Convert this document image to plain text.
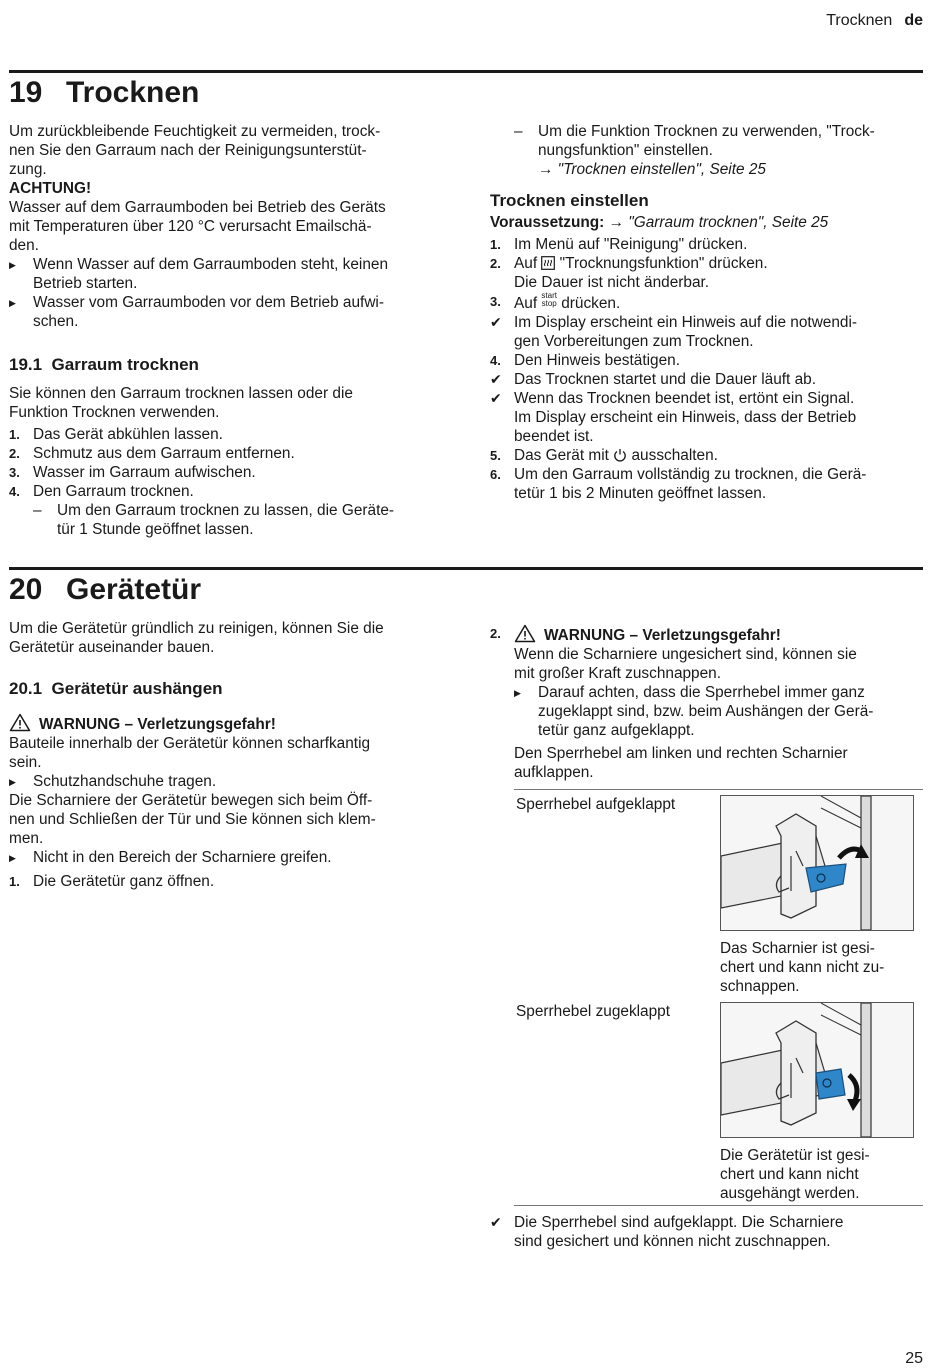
Trocknen de
19 Trocknen

Um zurückbleibende Feuchtigkeit zu vermeiden, trock-
nen Sie den Garraum nach der Reinigungsunterstüt-
zung.

ACHTUNG!

Wasser auf dem Garraumboden bei Betrieb des Geräts
mit Temperaturen über 120 °C verursacht Emailschä-
den.

▶ Wenn Wasser auf dem Garraumboden steht, keinen
Betrieb starten.
▶ Wasser vom Garraumboden vor dem Betrieb aufwi-
schen.
19.1 Garraum trocknen

Sie können den Garraum trocknen lassen oder die
Funktion Trocknen verwenden.

1. Das Gerät abkühlen lassen.
2. Schmutz aus dem Garraum entfernen.
3. Wasser im Garraum aufwischen.
4. Den Garraum trocknen.
– Um den Garraum trocknen zu lassen, die Geräte-
tür 1 Stunde geöffnet lassen.
– Um die Funktion Trocknen zu verwenden, "Trock-
nungsfunktion" einstellen.
→ "Trocknen einstellen", Seite 25
Trocknen einstellen

Voraussetzung: → "Garraum trocknen", Seite 25

1. Im Menü auf "Reinigung" drücken.
2. Auf "Trocknungsfunktion" drücken.
Die Dauer ist nicht änderbar.
3. Auf start
stop drücken.
✔ Im Display erscheint ein Hinweis auf die notwendi-
gen Vorbereitungen zum Trocknen.
4. Den Hinweis bestätigen.
✔ Das Trocknen startet und die Dauer läuft ab.
✔ Wenn das Trocknen beendet ist, ertönt ein Signal.
Im Display erscheint ein Hinweis, dass der Betrieb
beendet ist.
5. Das Gerät mit ausschalten.
6. Um den Garraum vollständig zu trocknen, die Gerä-
tetür 1 bis 2 Minuten geöffnet lassen.
20 Gerätetür

Um die Gerätetür gründlich zu reinigen, können Sie die
Gerätetür auseinander bauen.

20.1 Gerätetür aushängen

WARNUNG – Verletzungsgefahr!

Bauteile innerhalb der Gerätetür können scharfkantig
sein.

▶ Schutzhandschuhe tragen.

Die Scharniere der Gerätetür bewegen sich beim Öff-
nen und Schließen der Tür und Sie können sich klem-
men.

▶ Nicht in den Bereich der Scharniere greifen.
1. Die Gerätetür ganz öffnen.
2.	WARNUNG – Verletzungsgefahr!
Wenn die Scharniere ungesichert sind, können sie
mit großer Kraft zuschnappen.
▶ Darauf achten, dass die Sperrhebel immer ganz
zugeklappt sind, bzw. beim Aushängen der Gerä-
tetür ganz aufgeklappt.
Den Sperrhebel am linken und rechten Scharnier
aufklappen.
Sperrhebel aufgeklappt
Das Scharnier ist gesi-
chert und kann nicht zu-
schnappen.
Sperrhebel zugeklappt
Die Gerätetür ist gesi-
chert und kann nicht
ausgehängt werden.
✔ Die Sperrhebel sind aufgeklappt. Die Scharniere
sind gesichert und können nicht zuschnappen.
25
